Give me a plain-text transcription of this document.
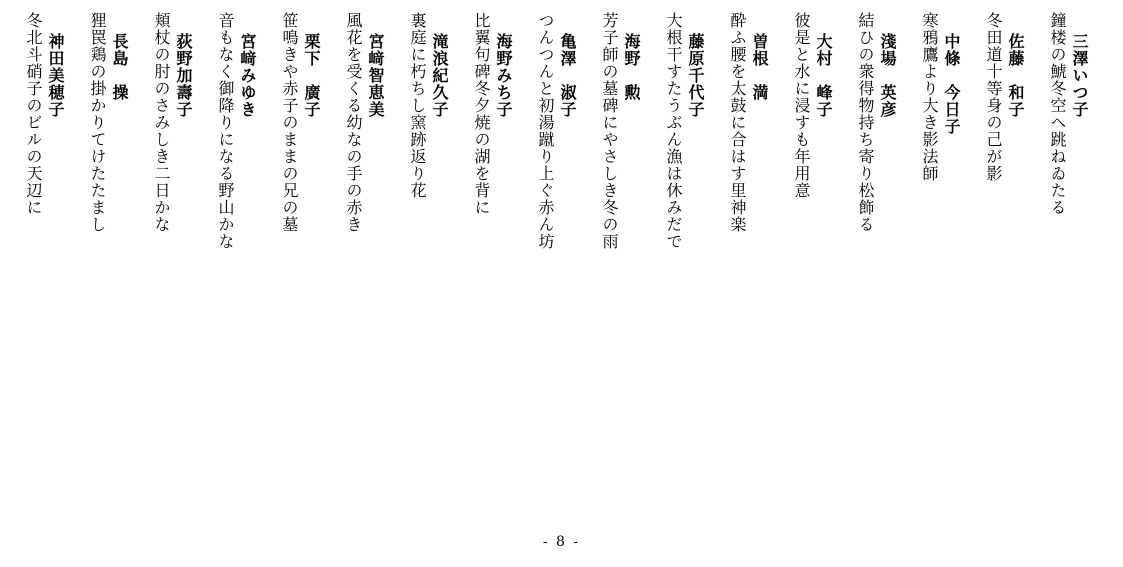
三澤いつ子
鐘楼の鯱冬空へ跳ねゐたる
佐藤　和子
冬田道十等身の己が影
中條　今日子
寒鴉鷹より大き影法師
淺場　英彦
結ひの衆得物持ち寄り松飾る
大村　峰子
彼是と水に浸すも年用意
曽根　満
酔ふ腰を太鼓に合はす里神楽
藤原千代子
大根干すたうぶん漁は休みだで
海野　勲
芳子師の墓碑にやさしき冬の雨
亀澤　淑子
つんつんと初湯蹴り上ぐ赤ん坊
海野みち子
比翼句碑冬夕焼の湖を背に
滝浪紀久子
裏庭に朽ちし窯跡返り花
宮﨑智恵美
風花を受くる幼なの手の赤き
栗下　廣子
笹鳴きや赤子のままの兄の墓
宮﨑みゆき
音もなく御降りになる野山かな
荻野加壽子
頬杖の肘のさみしき二日かな
長島　操
狸罠鶏の掛かりてけたたまし
神田美穂子
冬北斗硝子のビルの天辺に
- 8 -
